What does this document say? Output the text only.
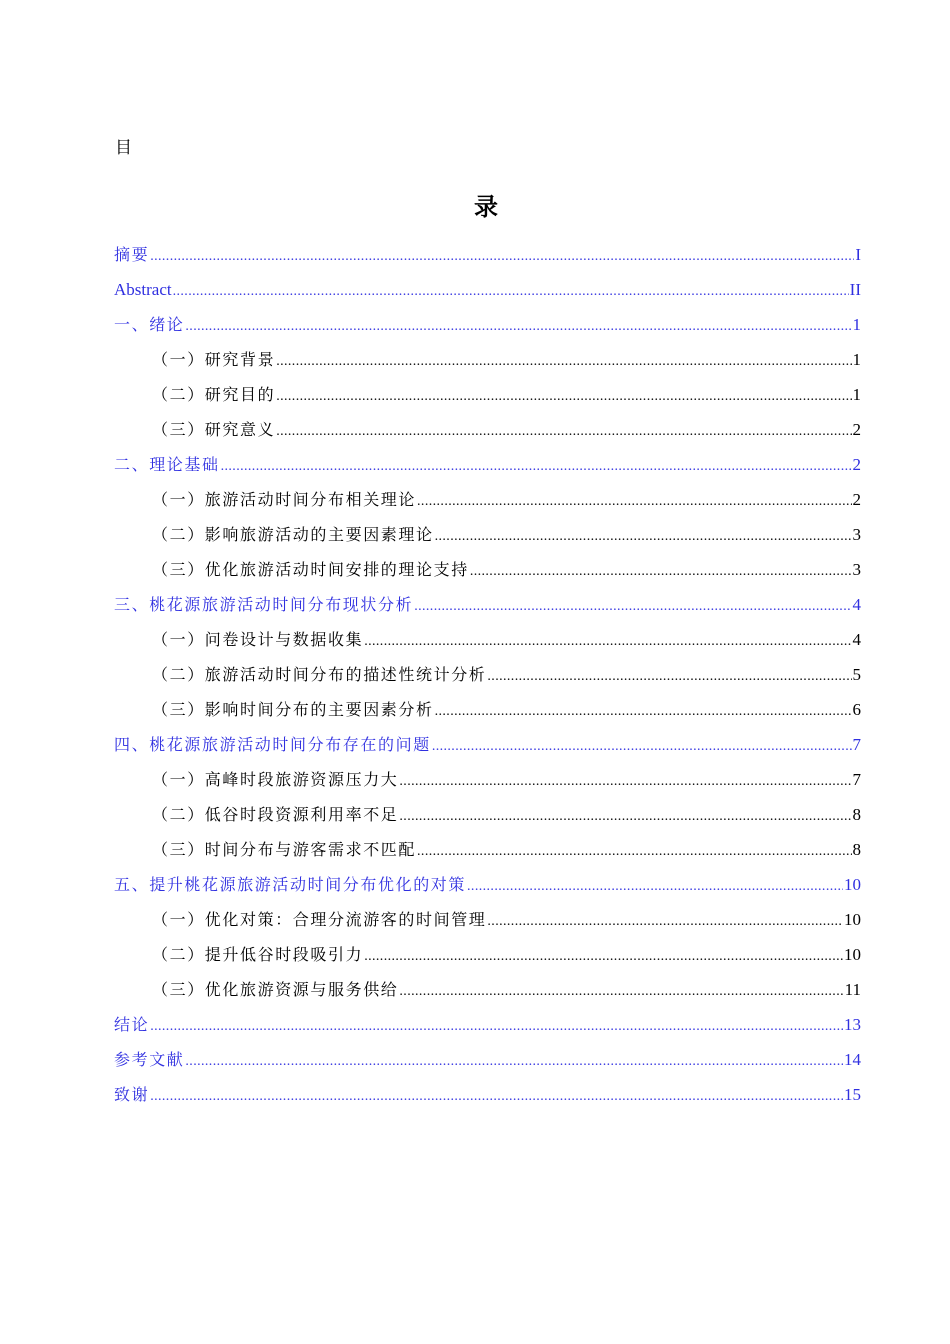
目
录
摘要 .....	I
Abstract .....	II
一、绪论 .....	1
（一）研究背景 .....	1
（二）研究目的 .....	1
（三）研究意义 .....	2
二、理论基础 .....	2
（一）旅游活动时间分布相关理论 .....	2
（二）影响旅游活动的主要因素理论 .....	3
（三）优化旅游活动时间安排的理论支持 .....	3
三、桃花源旅游活动时间分布现状分析 .....	4
（一）问卷设计与数据收集 .....	4
（二）旅游活动时间分布的描述性统计分析 .....	5
（三）影响时间分布的主要因素分析 .....	6
四、桃花源旅游活动时间分布存在的问题 .....	7
（一）高峰时段旅游资源压力大 .....	7
（二）低谷时段资源利用率不足 .....	8
（三）时间分布与游客需求不匹配 .....	8
五、提升桃花源旅游活动时间分布优化的对策 .....	10
（一）优化对策：合理分流游客的时间管理 .....	10
（二）提升低谷时段吸引力 .....	10
（三）优化旅游资源与服务供给 .....	11
结论 .....	13
参考文献 .....	14
致谢 .....	15
